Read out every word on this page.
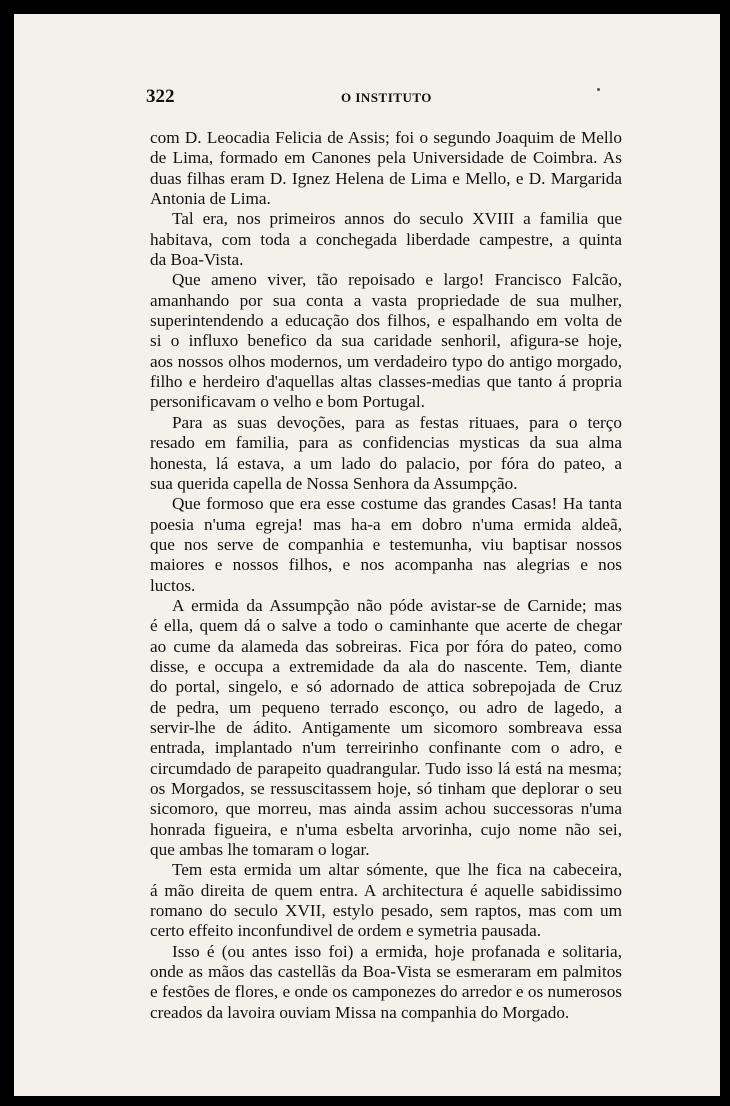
322	O INSTITUTO

com D. Leocadia Felicia de Assis; foi o segundo Joaquim de Mello
de Lima, formado em Canones pela Universidade de Coimbra. As
duas filhas eram D. Ignez Helena de Lima e Mello, e D. Margarida
Antonia de Lima.

Tal era, nos primeiros annos do seculo XVIII a familia que
habitava, com toda a conchegada liberdade campestre, a quinta
da Boa-Vista.

Que ameno viver, tão repoisado e largo! Francisco Falcão,
amanhando por sua conta a vasta propriedade de sua mulher,
superintendendo a educação dos filhos, e espalhando em volta de
si o influxo benefico da sua caridade senhoril, afigura-se hoje,
aos nossos olhos modernos, um verdadeiro typo do antigo morgado,
filho e herdeiro d'aquellas altas classes-medias que tanto á propria
personificavam o velho e bom Portugal.

Para as suas devoções, para as festas rituaes, para o terço
resado em familia, para as confidencias mysticas da sua alma
honesta, lá estava, a um lado do palacio, por fóra do pateo, a
sua querida capella de Nossa Senhora da Assumpção.

Que formoso que era esse costume das grandes Casas! Ha tanta
poesia n'uma egreja! mas ha-a em dobro n'uma ermida aldeã,
que nos serve de companhia e testemunha, viu baptisar nossos
maiores e nossos filhos, e nos acompanha nas alegrias e nos
luctos.

A ermida da Assumpção não póde avistar-se de Carnide; mas
é ella, quem dá o salve a todo o caminhante que acerte de chegar
ao cume da alameda das sobreiras. Fica por fóra do pateo, como
disse, e occupa a extremidade da ala do nascente. Tem, diante
do portal, singelo, e só adornado de attica sobrepojada de Cruz
de pedra, um pequeno terrado esconço, ou adro de lagedo, a
servir-lhe de ádito. Antigamente um sicomoro sombreava essa
entrada, implantado n'um terreirinho confinante com o adro, e
circumdado de parapeito quadrangular. Tudo isso lá está na mesma;
os Morgados, se ressuscitassem hoje, só tinham que deplorar o seu
sicomoro, que morreu, mas ainda assim achou successoras n'uma
honrada figueira, e n'uma esbelta arvorinha, cujo nome não sei,
que ambas lhe tomaram o logar.

Tem esta ermida um altar sómente, que lhe fica na cabeceira,
á mão direita de quem entra. A architectura é aquelle sabidissimo
romano do seculo XVII, estylo pesado, sem raptos, mas com um
certo effeito inconfundivel de ordem e symetria pausada.

Isso é (ou antes isso foi) a ermida, hoje profanada e solitaria,
onde as mãos das castellãs da Boa-Vista se esmeraram em palmitos
e festões de flores, e onde os camponezes do arredor e os numerosos
creados da lavoira ouviam Missa na companhia do Morgado.
